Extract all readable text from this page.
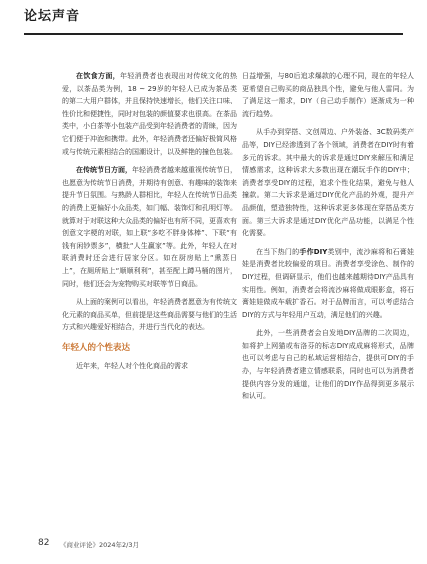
论坛声音

在饮食方面，年轻消费者也表现出对传统文化的热爱，以茶品类为例，18 ~ 29岁的年轻人已成为茶品类的第二大用户群体，并且保持快速增长，他们关注口味、性价比和便捷性，同时对包装的颜值要求也很高。在茶品类中，小白茶等小包装产品受到年轻消费者的青睐，因为它们便于冲泡和携带。此外，年轻消费者还偏好极简风格或与传统元素相结合的国潮设计，以及鲜艳的撞色包装。

在传统节日方面，年轻消费者越来越重视传统节日，也愿意为传统节日消费，并期待有创意、有趣味的装饰来提升节日氛围。与熟龄人群相比，年轻人在传统节日品类的消费上更偏好小众品类，如门幅、装饰灯和孔明灯等。就算对于对联这种大众品类的偏好也有所不同，更喜欢有创意文字梗的对联，如上联“多吃不胖身体棒”、下联“有钱有闲钞票多”，横批“人生赢家”等。此外，年轻人在对联消费时还会进行居家分区。如在厨房贴上“熏蒸日上”，在厕所贴上“顺顺利利”，甚至配上蹲马桶的图片，同时，他们还会为宠物购买对联等节日商品。

从上面的案例可以看出，年轻消费者愿意为有传统文化元素的商品买单，但前提是这些商品需要与他们的生活方式和兴趣爱好相结合，并进行当代化的表达。

年轻人的个性表达

近年来，年轻人对个性化商品的需求

日益增强，与80后追求爆款的心理不同，现在的年轻人更希望自己购买的商品独具个性，避免与他人雷同。为了满足这一需求，DIY（自己动手制作）逐渐成为一种流行趋势。

从手办到穿搭、文创周边、户外装备、3C数码类产品等，DIY已经渗透到了各个领域，消费者在DIY时有着多元的诉求。其中最大的诉求是通过DIY来解压和满足情感需求，这种诉求大多数出现在潮玩手作的DIY中；消费者享受DIY的过程，追求个性化结果，避免与他人撞款。第二大诉求是通过DIY优化产品的外观，提升产品颜值，塑造独特性，这种诉求更多体现在穿搭品类方面。第三大诉求是通过DIY优化产品功能，以满足个性化需要。

在当下热门的手作DIY类别中，流沙麻将和石膏娃娃是消费者比较偏爱的项目。消费者享受涂色、制作的DIY过程，但调研显示，他们也越来越期待DIY产品具有实用性。例如，消费者会将流沙麻将做成眼影盒，将石膏娃娃做成车载扩香石。对于品牌而言，可以考虑结合DIY的方式与年轻用户互动，满足他们的兴趣。

此外，一些消费者会自发地DIY品牌的二次周边，如将护上网猫或布洛芬的标志DIY成成麻将形式，品牌也可以考虑与自己的私域运营相结合，提供可DIY的手办，与年轻消费者建立情感联系，同时也可以为消费者提供内容分发的通道，让他们的DIY作品得到更多展示和认可。

82 《商业评论》2024年2/3月
